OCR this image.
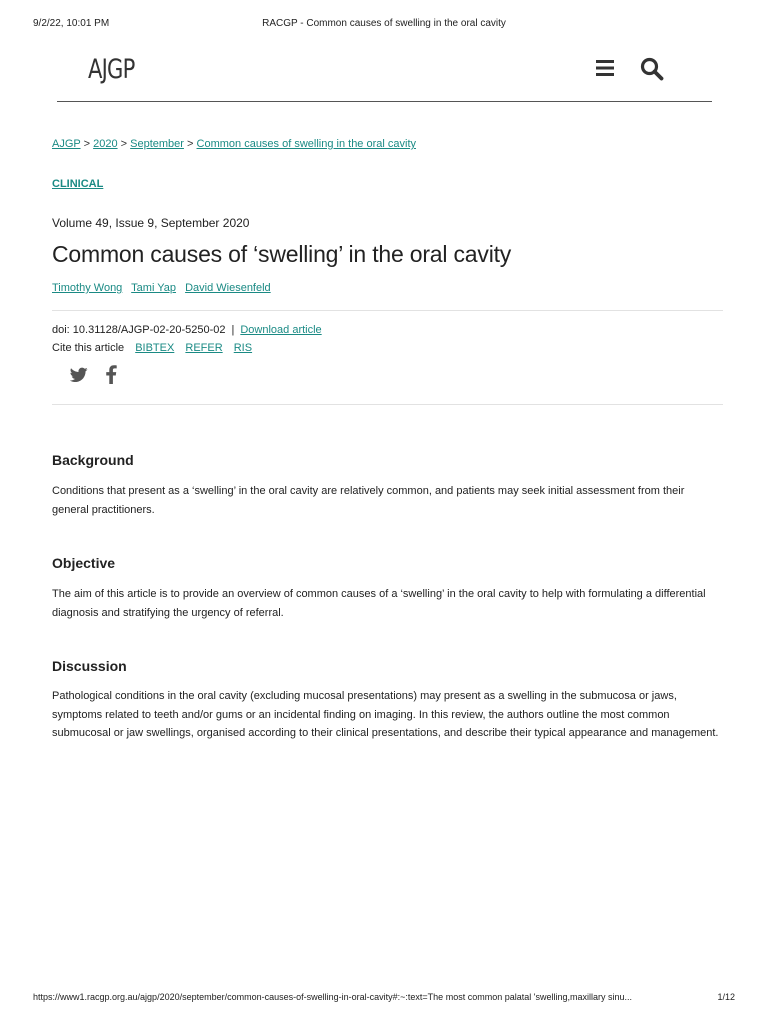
9/2/22, 10:01 PM	RACGP - Common causes of swelling in the oral cavity
AJGP
AJGP > 2020 > September > Common causes of swelling in the oral cavity
CLINICAL
Volume 49, Issue 9, September 2020
Common causes of ‘swelling’ in the oral cavity
Timothy Wong Tami Yap David Wiesenfeld
doi: 10.31128/AJGP-02-20-5250-02 | Download article
Cite this article BIBTEX REFER RIS
Background

Conditions that present as a ‘swelling’ in the oral cavity are relatively common, and patients may seek initial assessment from their general practitioners.

Objective

The aim of this article is to provide an overview of common causes of a ‘swelling’ in the oral cavity to help with formulating a differential diagnosis and stratifying the urgency of referral.

Discussion

Pathological conditions in the oral cavity (excluding mucosal presentations) may present as a swelling in the submucosa or jaws, symptoms related to teeth and/or gums or an incidental finding on imaging. In this review, the authors outline the most common submucosal or jaw swellings, organised according to their clinical presentations, and describe their typical appearance and management.

https://www1.racgp.org.au/ajgp/2020/september/common-causes-of-swelling-in-oral-cavity#:~:text=The most common palatal 'swelling,maxillary sinu...	1/12
